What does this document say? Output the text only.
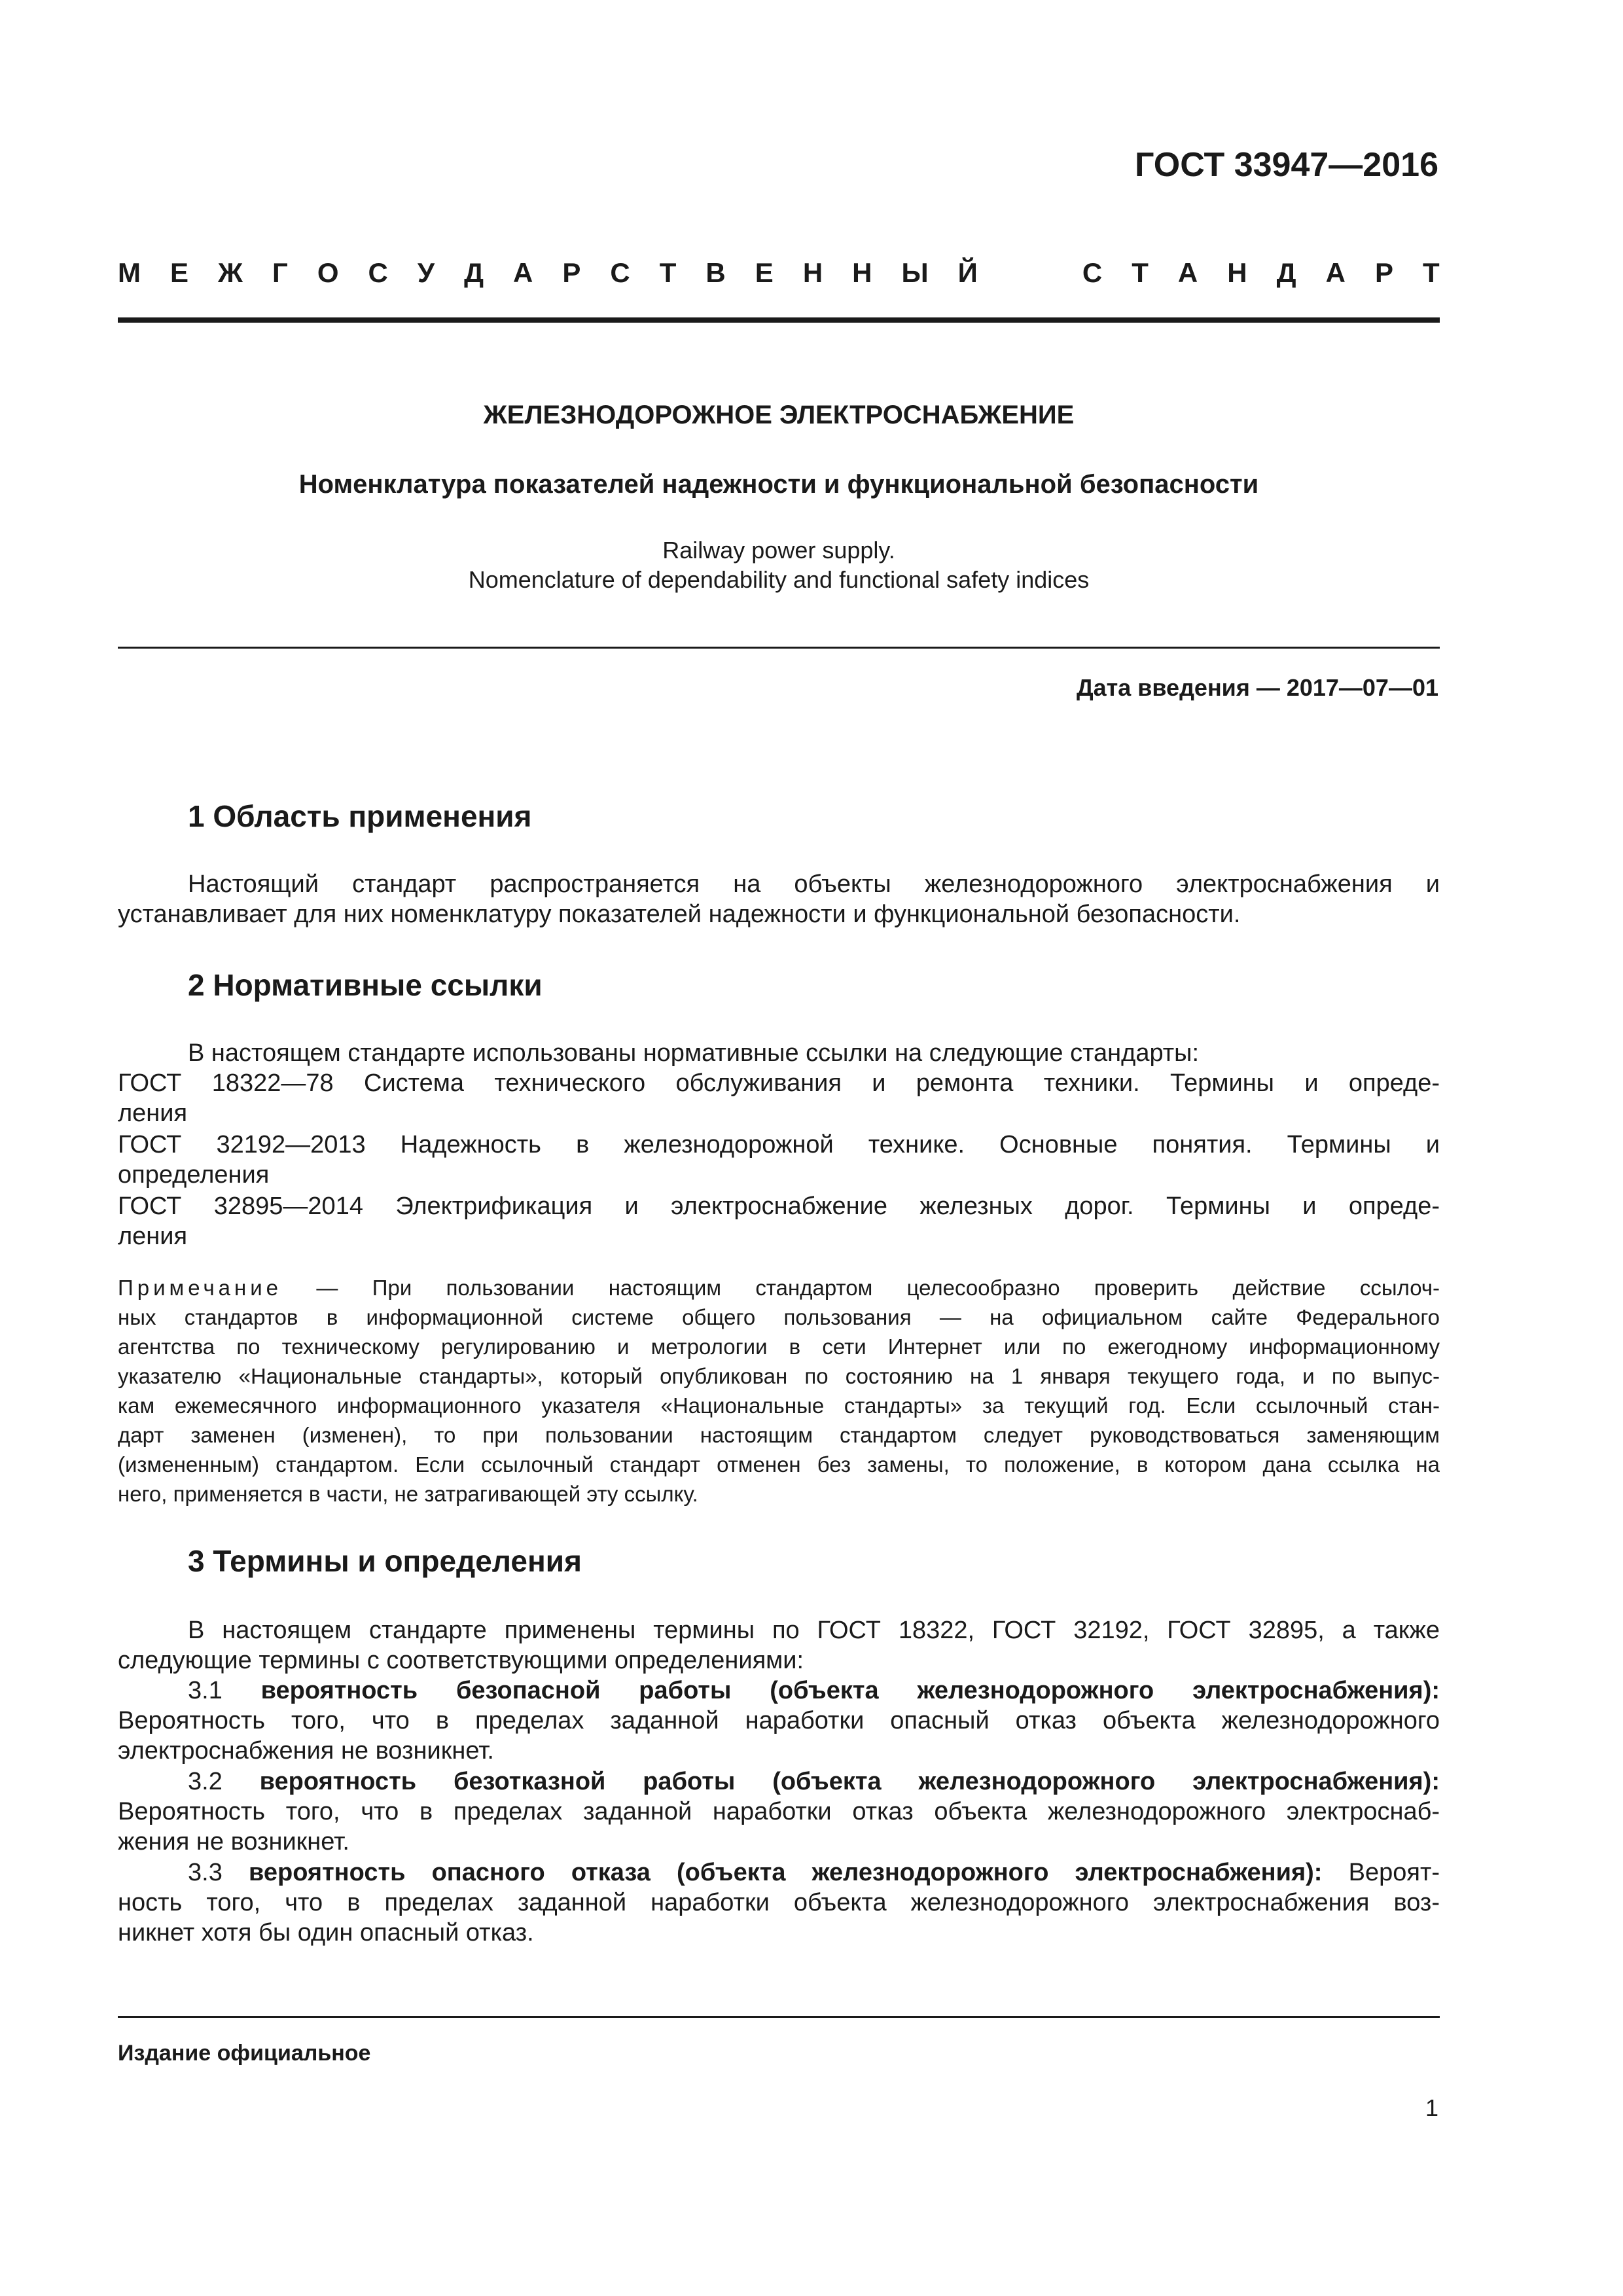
ГОСТ 33947—2016
М Е Ж Г О С У Д А Р С Т В Е Н Н Ы Й	С Т А Н Д А Р Т
ЖЕЛЕЗНОДОРОЖНОЕ ЭЛЕКТРОСНАБЖЕНИЕ
Номенклатура показателей надежности и функциональной безопасности
Railway power supply.
Nomenclature of dependability and functional safety indices
Дата введения — 2017—07—01
1 Область применения
Настоящий стандарт распространяется на объекты железнодорожного электроснабжения и
устанавливает для них номенклатуру показателей надежности и функциональной безопасности.
2 Нормативные ссылки
В настоящем стандарте использованы нормативные ссылки на следующие стандарты:
ГОСТ 18322—78 Система технического обслуживания и ремонта техники. Термины и опреде-
ления
ГОСТ 32192—2013 Надежность в железнодорожной технике. Основные понятия. Термины и
определения
ГОСТ 32895—2014 Электрификация и электроснабжение железных дорог. Термины и опреде-
ления
Примечание — При пользовании настоящим стандартом целесообразно проверить действие ссылоч-
ных стандартов в информационной системе общего пользования — на официальном сайте Федерального
агентства по техническому регулированию и метрологии в сети Интернет или по ежегодному информационному
указателю «Национальные стандарты», который опубликован по состоянию на 1 января текущего года, и по выпус-
кам ежемесячного информационного указателя «Национальные стандарты» за текущий год. Если ссылочный стан-
дарт заменен (изменен), то при пользовании настоящим стандартом следует руководствоваться заменяющим
(измененным) стандартом. Если ссылочный стандарт отменен без замены, то положение, в котором дана ссылка на
него, применяется в части, не затрагивающей эту ссылку.
3 Термины и определения
В настоящем стандарте применены термины по ГОСТ 18322, ГОСТ 32192, ГОСТ 32895, а также
следующие термины с соответствующими определениями:
3.1 вероятность безопасной работы (объекта железнодорожного электроснабжения):
Вероятность того, что в пределах заданной наработки опасный отказ объекта железнодорожного
электроснабжения не возникнет.
3.2 вероятность безотказной работы (объекта железнодорожного электроснабжения):
Вероятность того, что в пределах заданной наработки отказ объекта железнодорожного электроснаб-
жения не возникнет.
3.3 вероятность опасного отказа (объекта железнодорожного электроснабжения): Вероят-
ность того, что в пределах заданной наработки объекта железнодорожного электроснабжения воз-
никнет хотя бы один опасный отказ.
Издание официальное
1
